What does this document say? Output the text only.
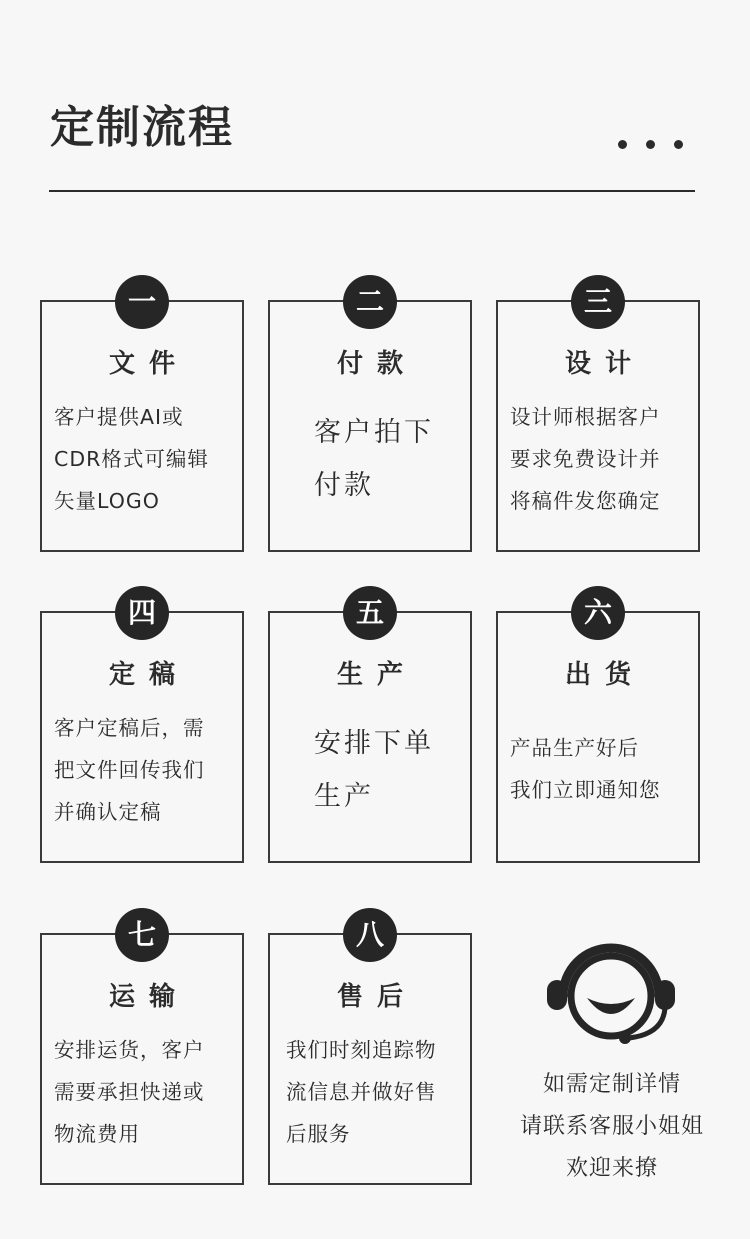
定制流程
一
文件
客户提供AI或
CDR格式可编辑
矢量LOGO
二
付款
客户拍下
付款
三
设计
设计师根据客户
要求免费设计并
将稿件发您确定
四
定稿
客户定稿后，需
把文件回传我们
并确认定稿
五
生产
安排下单
生产
六
出货
产品生产好后
我们立即通知您
七
运输
安排运货，客户
需要承担快递或
物流费用
八
售后
我们时刻追踪物
流信息并做好售
后服务
如需定制详情
请联系客服小姐姐
欢迎来撩
